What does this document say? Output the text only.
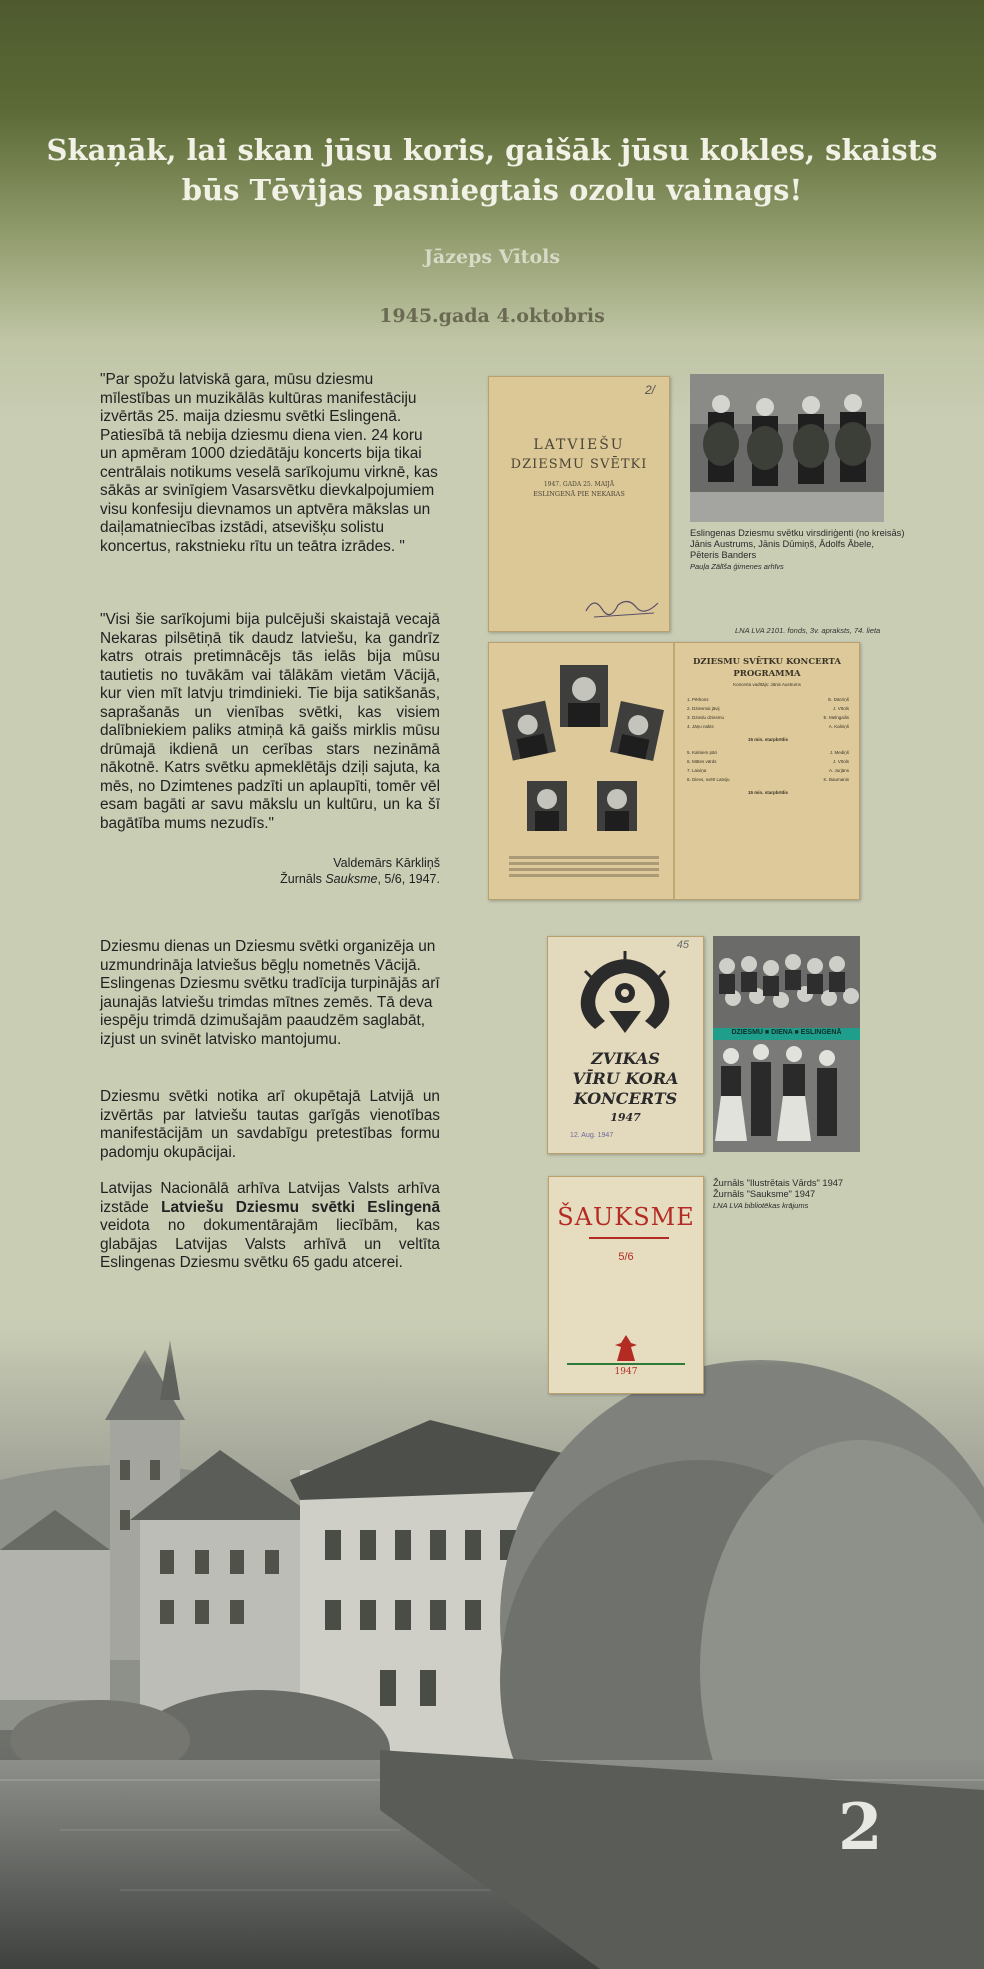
Skaņāk, lai skan jūsu koris, gaišāk jūsu kokles, skaists būs Tēvijas pasniegtais ozolu vainags!
Jāzeps Vītols
1945.gada 4.oktobris
"Par spožu latviskā gara, mūsu dziesmu mīlestības un muzikālās kultūras manifestāciju izvērtās 25. maija dziesmu svētki Eslingenā. Patiesībā tā nebija dziesmu diena vien. 24 koru un apmēram 1000 dziedātāju koncerts bija tikai centrālais notikums veselā sarīkojumu virknē, kas sākās ar svinīgiem Vasarsvētku dievkalpojumiem visu konfesiju dievnamos un aptvēra mākslas un daiļamatniecības izstādi, atsevišķu solistu koncertus, rakstnieku rītu un teātra izrādes. "
"Visi šie sarīkojumi bija pulcējuši skaistajā vecajā Nekaras pilsētiņā tik daudz latviešu, ka gandrīz katrs otrais pretimnācējs tās ielās bija mūsu tautietis no tuvākām vai tālākām vietām Vācijā, kur vien mīt latvju trimdinieki. Tie bija satikšanās, saprašanās un vienības svētki, kas visiem dalībniekiem paliks atmiņā kā gaišs mirklis mūsu drūmajā ikdienā un cerības stars nezināmā nākotnē. Katrs svētku apmeklētājs dziļi sajuta, ka mēs, no Dzimtenes padzīti un aplaupīti, tomēr vēl esam bagāti ar savu mākslu un kultūru, un ka šī bagātība mums nezudīs."
Valdemārs Kārkliņš
Žurnāls Sauksme, 5/6, 1947.
Dziesmu dienas un Dziesmu svētki organizēja un uzmundrināja latviešus bēgļu nometnēs Vācijā. Eslingenas Dziesmu svētku tradīcija turpinājās arī jaunajās latviešu trimdas mītnes zemēs. Tā deva iespēju trimdā dzimušajām paaudzēm saglabāt, izjust un svinēt latvisko mantojumu.
Dziesmu svētki notika arī okupētajā Latvijā un izvērtās par latviešu tautas garīgās vienotības manifestācijām un savdabīgu pretestības formu padomju okupācijai.
Latvijas Nacionālā arhīva Latvijas Valsts arhīva izstāde Latviešu Dziesmu svētki Eslingenā veidota no dokumentārajām liecībām, kas glabājas Latvijas Valsts arhīvā un veltīta Eslingenas Dziesmu svētku 65 gadu atcerei.
2/
LATVIEŠU
DZIESMU SVĒTKI
1947. GADA 25. MAIJĀ
ESLINGENĀ PIE NEKARAS
Eslingenas Dziesmu svētku virsdiriģenti (no kreisās)
Jānis Austrums, Jānis Dūmiņš, Ādolfs Ābele,
Pēteris Banders
Pauļa Zālīša ģimenes arhīvs
LNA LVA 2101. fonds, 3v. apraksts, 74. lieta
DZIESMU SVĒTKU KONCERTA
PROGRAMMA
Koncerta vadītājs: Jānis Austrums
1. Pērkons	E. Dārziņš
2. Dziesmai jāvij	J. Vītols
3. Dziedu dziesmu	E. Melngailis
4. Jāņu nakts	A. Kalniņš
15 min. starpbrīdis
5. Kalniem pāri	J. Mediņš
6. Mātes vārds	J. Vītols
7. Laiviņa	A. Jurjāns
8. Dievs, svētī Latviju	K. Baumanis
15 min. starpbrīdis
45
ZVIKAS
VĪRU KORA
KONCERTS
1947
12. Aug. 1947
DZIESMU ■ DIENA ■ ESLINGENĀ
Žurnāls "Ilustrētais Vārds" 1947
Žurnāls "Sauksme" 1947
LNA LVA bibliotēkas krājums
ŠAUKSME
5/6
1947
2
